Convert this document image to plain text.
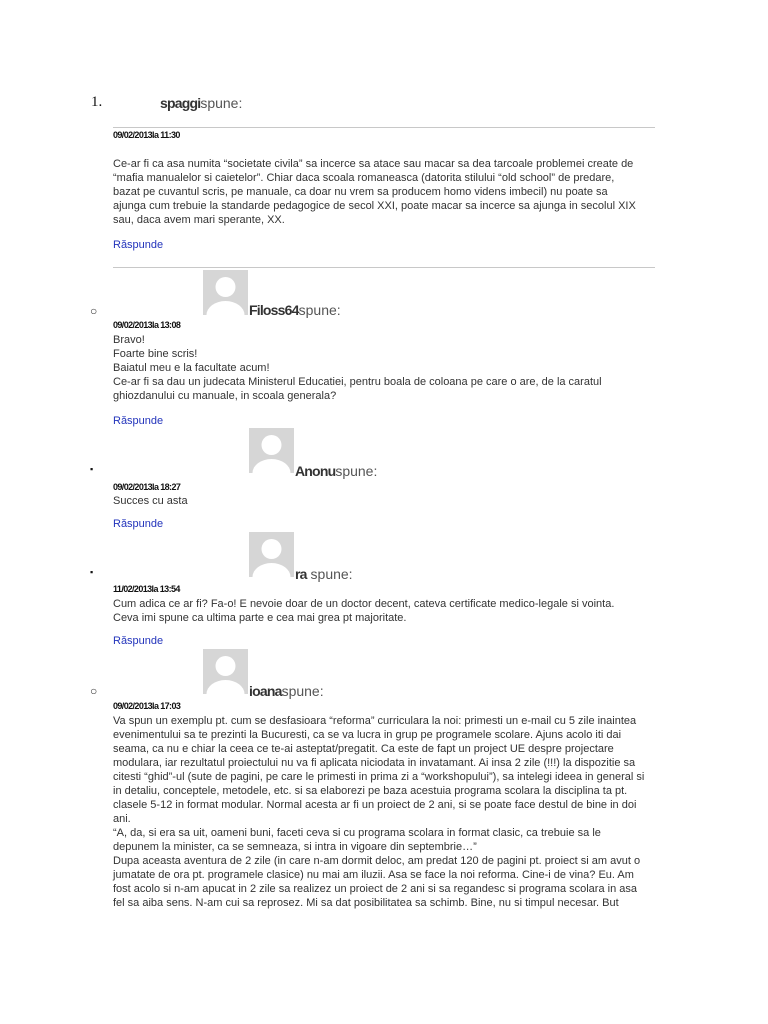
1.	spaggispune:
09/02/2013la 11:30

Ce-ar fi ca asa numita “societate civila” sa incerce sa atace sau macar sa dea tarcoale problemei create de

“mafia manualelor si caietelor”. Chiar daca scoala romaneasca (datorita stilului “old school” de predare,

bazat pe cuvantul scris, pe manuale, ca doar nu vrem sa producem homo videns imbecil) nu poate sa

ajunga cum trebuie la standarde pedagogice de secol XXI, poate macar sa incerce sa ajunga in secolul XIX

sau, daca avem mari sperante, XX.

Răspunde
○	Filoss64spune:
09/02/2013la 13:08

Bravo!

Foarte bine scris!

Baiatul meu e la facultate acum!

Ce-ar fi sa dau un judecata Ministerul Educatiei, pentru boala de coloana pe care o are, de la caratul

ghiozdanului cu manuale, in scoala generala?

Răspunde
▪	Anonuspune:
09/02/2013la 18:27

Succes cu asta

Răspunde
▪	ra spune:
11/02/2013la 13:54

Cum adica ce ar fi? Fa-o! E nevoie doar de un doctor decent, cateva certificate medico-legale si vointa.

Ceva imi spune ca ultima parte e cea mai grea pt majoritate.

Răspunde
○	ioanaspune:
09/02/2013la 17:03

Va spun un exemplu pt. cum se desfasioara “reforma” curriculara la noi: primesti un e-mail cu 5 zile inaintea

evenimentului sa te prezinti la Bucuresti, ca se va lucra in grup pe programele scolare. Ajuns acolo iti dai

seama, ca nu e chiar la ceea ce te-ai asteptat/pregatit. Ca este de fapt un project UE despre projectare

modulara, iar rezultatul proiectului nu va fi aplicata niciodata in invatamant. Ai insa 2 zile (!!!) la dispozitie sa

citesti “ghid”-ul (sute de pagini, pe care le primesti in prima zi a “workshopului”), sa intelegi ideea in general si

in detaliu, conceptele, metodele, etc. si sa elaborezi pe baza acestuia programa scolara la disciplina ta pt.

clasele 5-12 in format modular. Normal acesta ar fi un proiect de 2 ani, si se poate face destul de bine in doi

ani.

“A, da, si era sa uit, oameni buni, faceti ceva si cu programa scolara in format clasic, ca trebuie sa le

depunem la minister, ca se semneaza, si intra in vigoare din septembrie…”

Dupa aceasta aventura de 2 zile (in care n-am dormit deloc, am predat 120 de pagini pt. proiect si am avut o

jumatate de ora pt. programele clasice) nu mai am iluzii. Asa se face la noi reforma. Cine-i de vina? Eu. Am

fost acolo si n-am apucat in 2 zile sa realizez un proiect de 2 ani si sa regandesc si programa scolara in asa

fel sa aiba sens. N-am cui sa reprosez. Mi sa dat posibilitatea sa schimb. Bine, nu si timpul necesar. But
